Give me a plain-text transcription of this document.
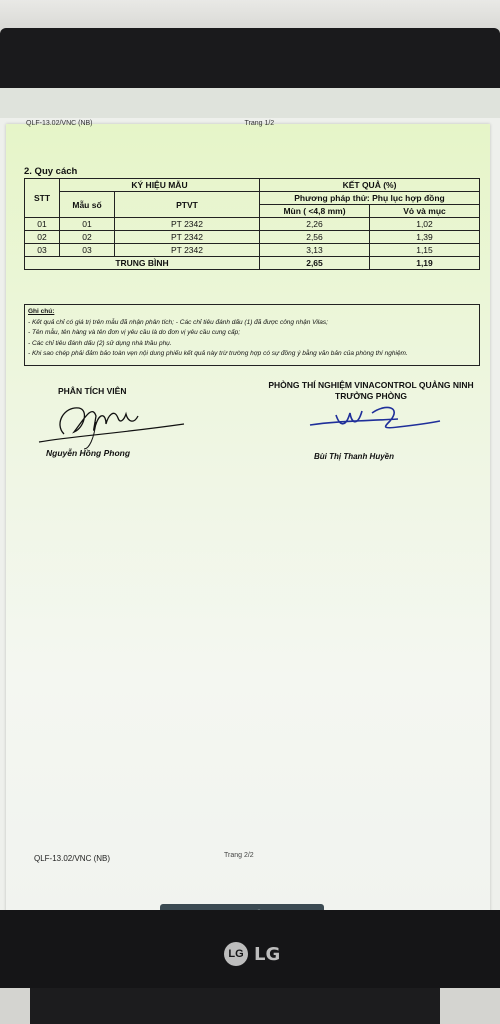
QLF-13.02/VNC (NB)	Trang 1/2
2. Quy cách
STT	KÝ HIỆU MẪU		KẾT QUẢ (%)	
	Mẫu số	PTVT	Phương pháp thử: Phụ lục hợp đồng	
			Mùn ( <4,8 mm)	Vỏ và mục
01	01	PT 2342	2,26	1,02
02	02	PT 2342	2,56	1,39
03	03	PT 2342	3,13	1,15
TRUNG BÌNH			2,65	1,19
Ghi chú:
- Kết quả chỉ có giá trị trên mẫu đã nhận phân tích; - Các chỉ tiêu đánh dấu (1) đã được công nhận Vilas;
- Tên mẫu, tên hàng và tên đơn vị yêu cầu là do đơn vị yêu cầu cung cấp;
- Các chỉ tiêu đánh dấu (2) sử dụng nhà thầu phụ.
- Khi sao chép phải đảm bảo toàn vẹn nội dung phiếu kết quả này trừ trường hợp có sự đồng ý bằng văn bản của phòng thí nghiệm.
PHÂN TÍCH VIÊN
PHÒNG THÍ NGHIỆM VINACONTROL QUẢNG NINH
TRƯỞNG PHÒNG
Nguyễn Hồng Phong	Bùi Thị Thanh Huyền
QLF-13.02/VNC (NB)	Trang 2/2
LG LG
